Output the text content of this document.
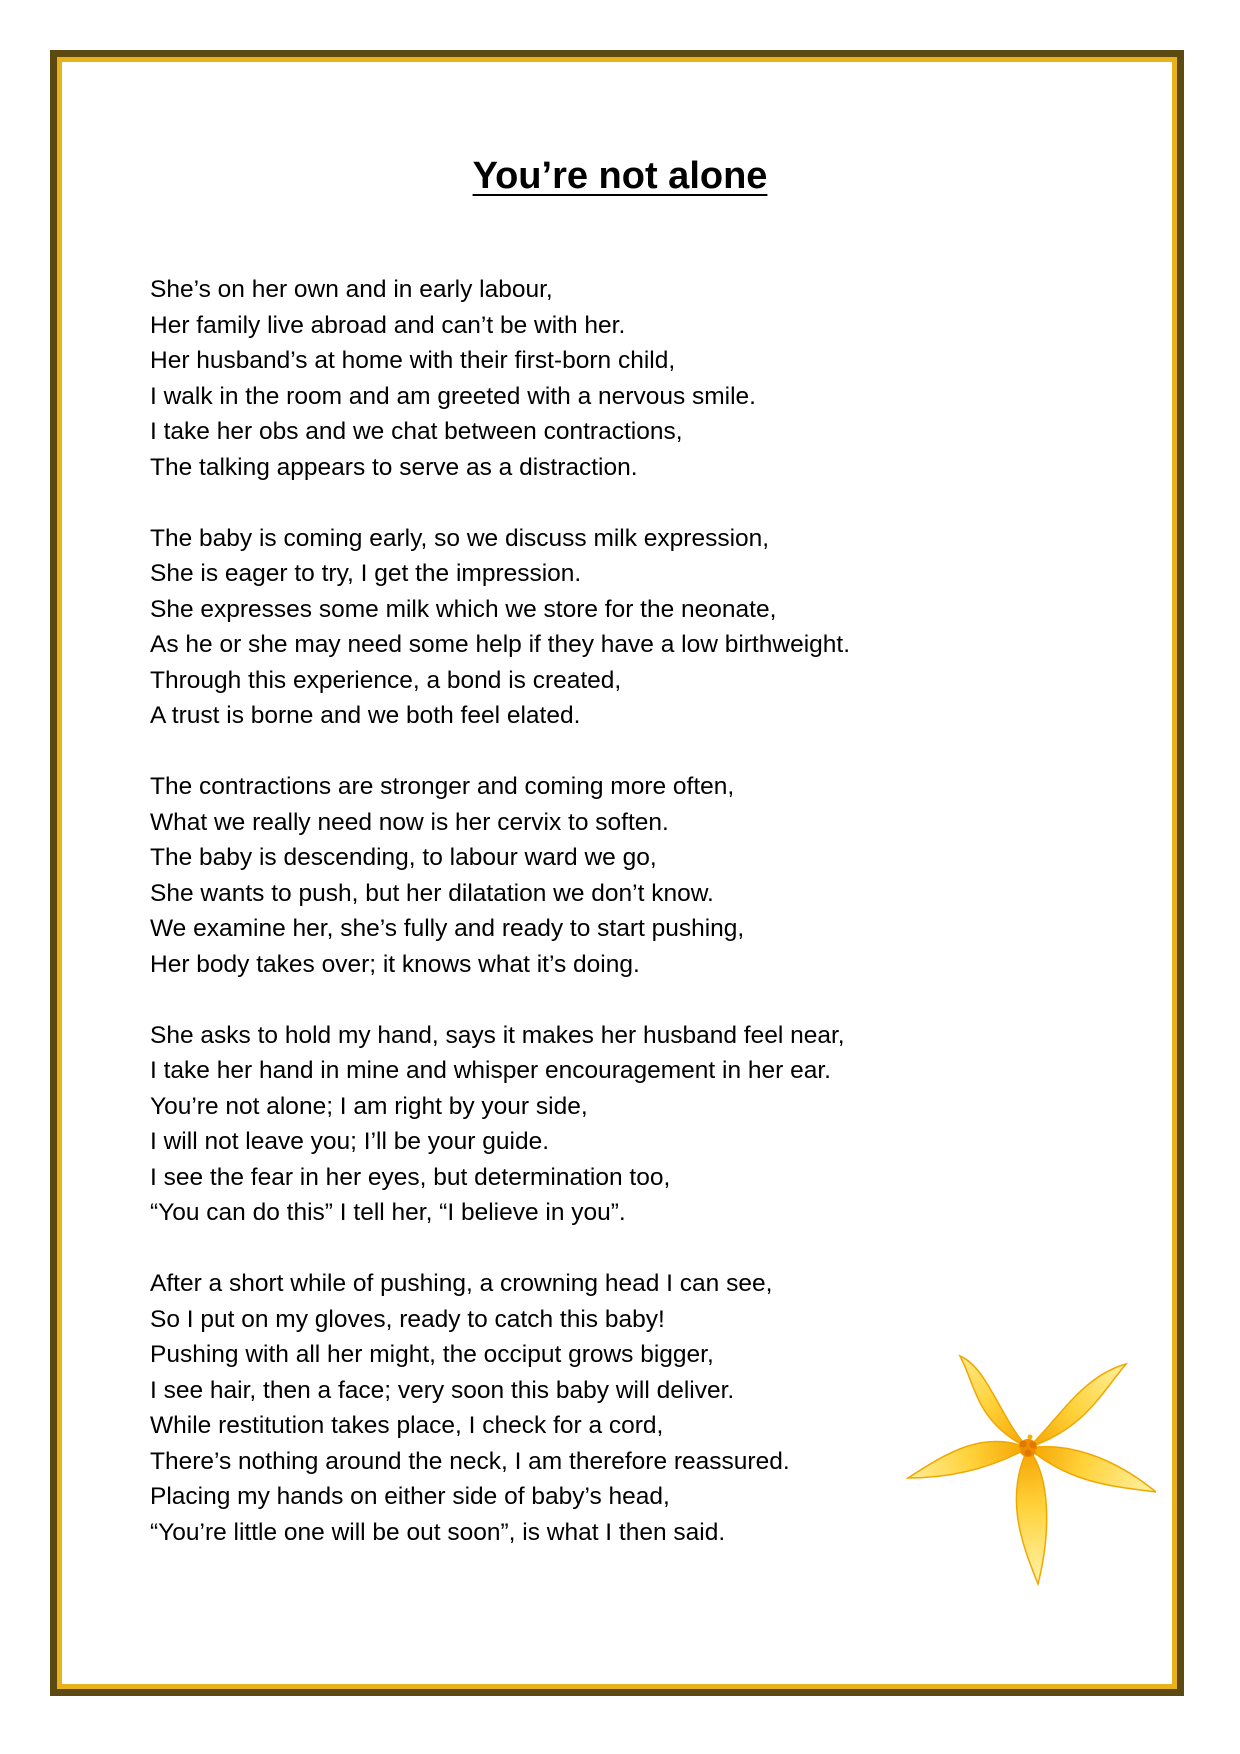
You’re not alone
She’s on her own and in early labour,
Her family live abroad and can’t be with her.
Her husband’s at home with their first-born child,
I walk in the room and am greeted with a nervous smile.
I take her obs and we chat between contractions,
The talking appears to serve as a distraction.
The baby is coming early, so we discuss milk expression,
She is eager to try, I get the impression.
She expresses some milk which we store for the neonate,
As he or she may need some help if they have a low birthweight.
Through this experience, a bond is created,
A trust is borne and we both feel elated.
The contractions are stronger and coming more often,
What we really need now is her cervix to soften.
The baby is descending, to labour ward we go,
She wants to push, but her dilatation we don’t know.
We examine her, she’s fully and ready to start pushing,
Her body takes over; it knows what it’s doing.
She asks to hold my hand, says it makes her husband feel near,
I take her hand in mine and whisper encouragement in her ear.
You’re not alone; I am right by your side,
I will not leave you; I’ll be your guide.
I see the fear in her eyes, but determination too,
“You can do this” I tell her, “I believe in you”.
After a short while of pushing, a crowning head I can see,
So I put on my gloves, ready to catch this baby!
Pushing with all her might, the occiput grows bigger,
I see hair, then a face; very soon this baby will deliver.
While restitution takes place, I check for a cord,
There’s nothing around the neck, I am therefore reassured.
Placing my hands on either side of baby’s head,
“You’re little one will be out soon”, is what I then said.
